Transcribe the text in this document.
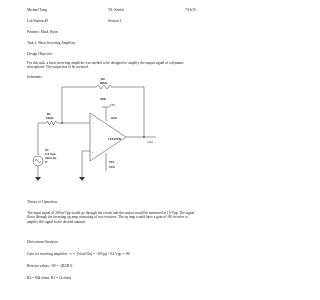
Michael Tung	TA: Kenfei	7/16/15
Lab Station #5	Section 1
Partners: Mark, Ryan
Task 1: Basic Inverting Amplifier
Design Objective:
For this task, a basic inverting amplifier was needed to be designed to amplify the output signal of a dynamic microphone. The output has to be inverted.
Schematic:
−
+
R2
80kΩ
VEE
-15V
U2A
R1
10kΩ
V1
0.2 Vpk
1kHz Hz
0°
LF412CN
Vout
15V
VCC
Theory of Operation:
The input signal of 200 mVpp would go through the circuit and the output would be measured at 16 Vpp. The signal flows through the inverting op amp consisting of two resistors. The op amp would have a gain of -80 in order to amplify the signal to the desired amount.
Derivations/Analysis:
Gain for inverting amplifier: -v = -(Vout/Vin) = -16Vpp / 0.2 Vpp = -80
Resistor values: -80 = -(R2/R1)
R2 = 80k ohms, R1 = 1k ohms
